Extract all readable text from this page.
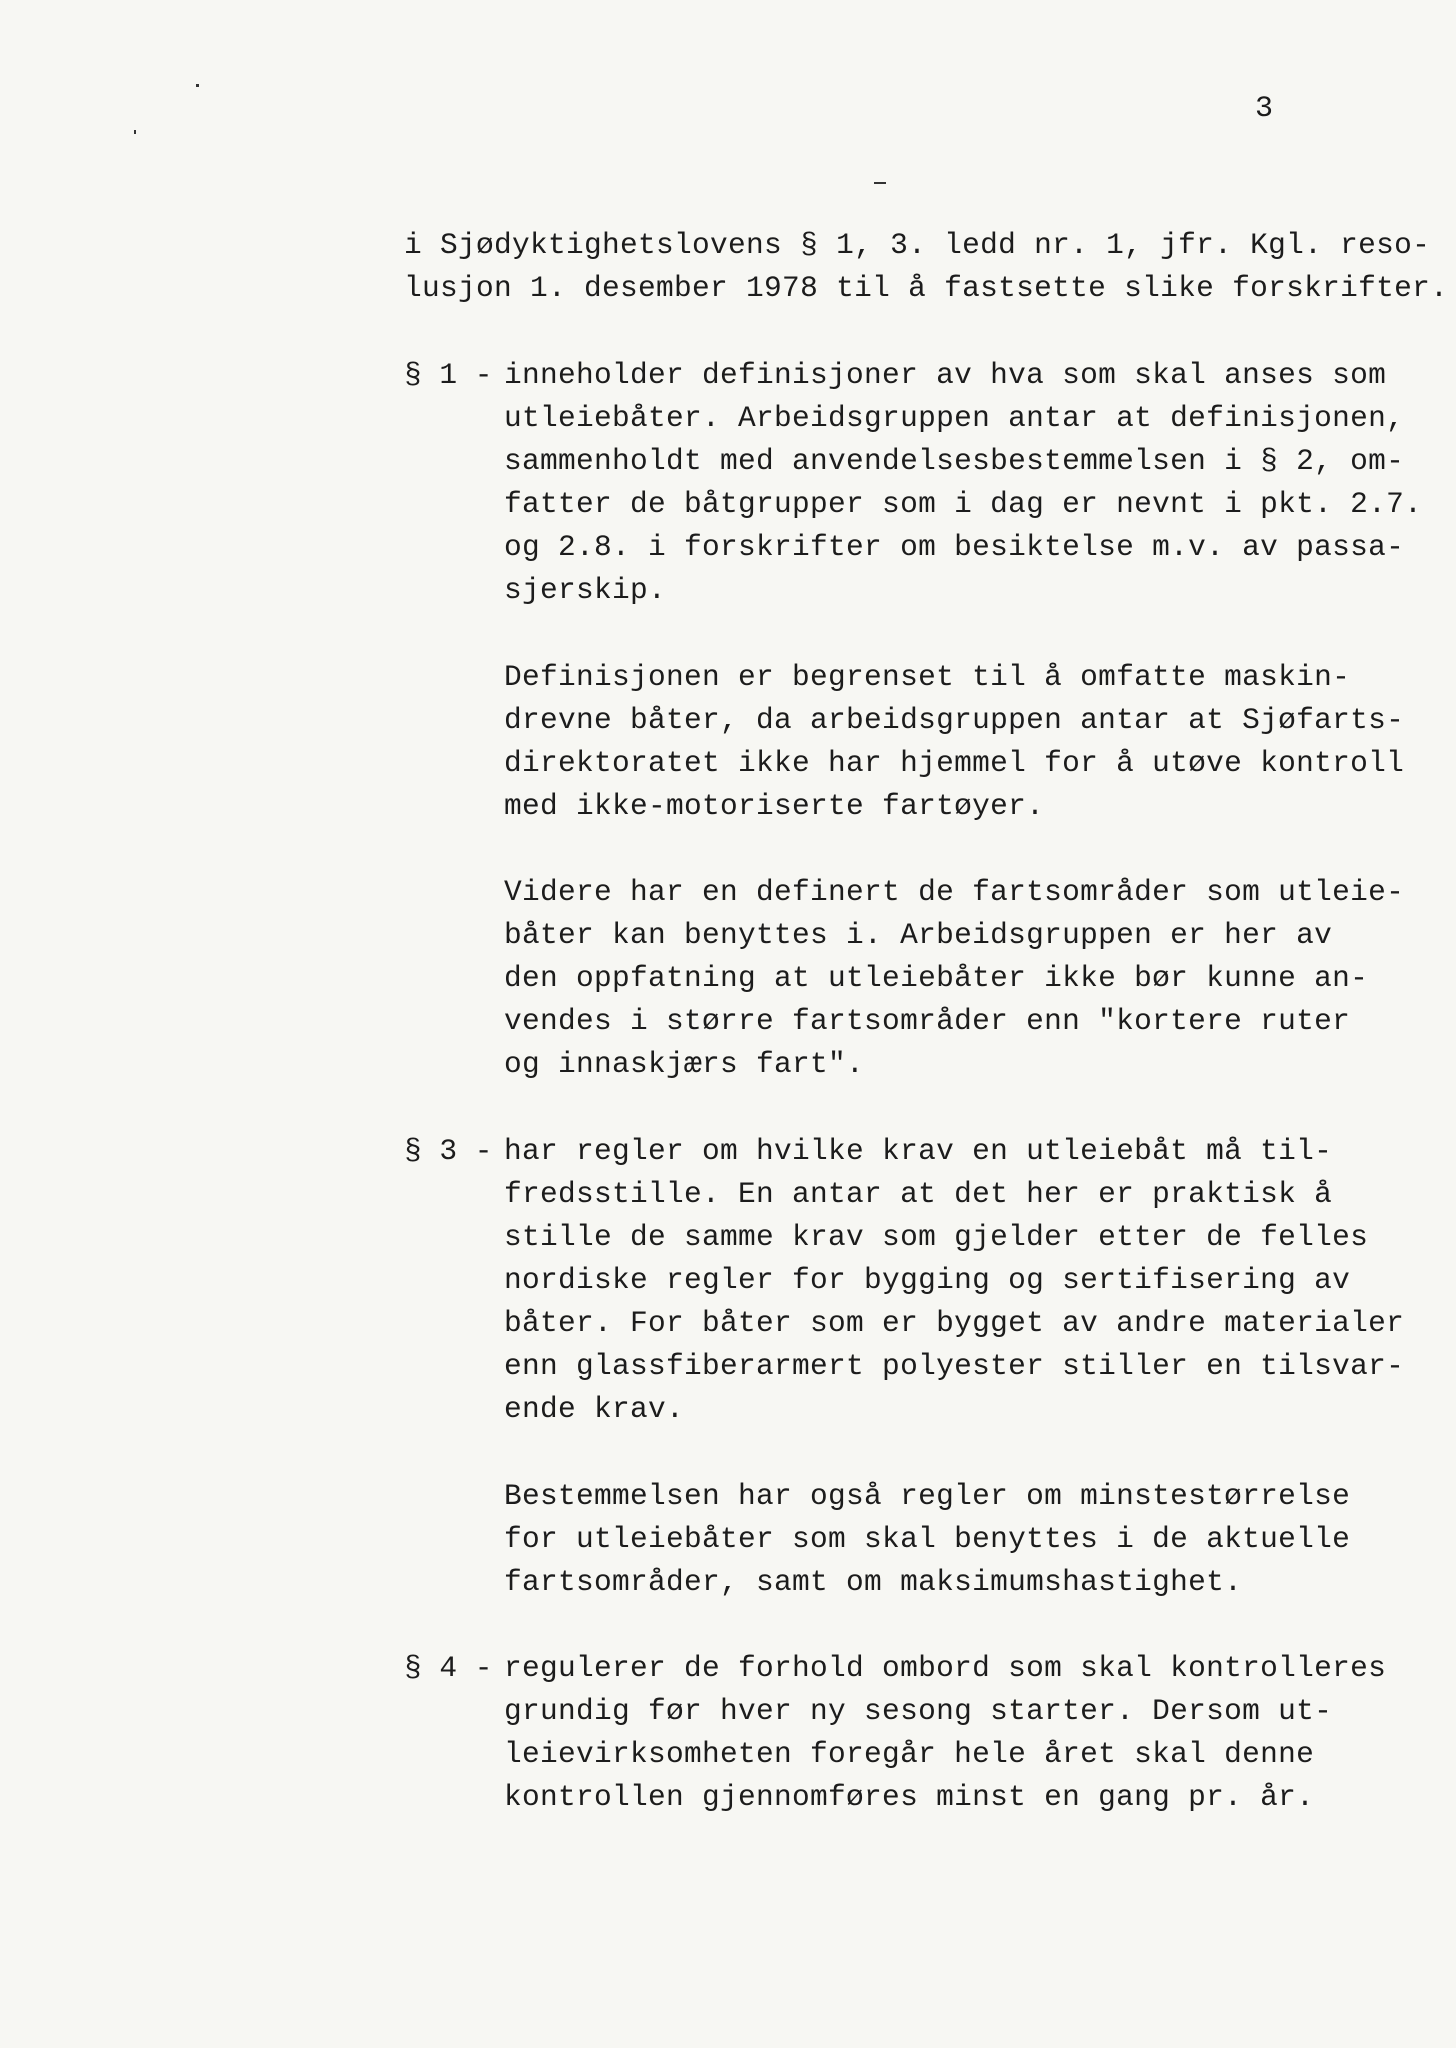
3
i Sjødyktighetslovens § 1, 3. ledd nr. 1, jfr. Kgl. reso-
lusjon 1. desember 1978 til å fastsette slike forskrifter.
§ 1 - inneholder definisjoner av hva som skal anses som
utleiebåter. Arbeidsgruppen antar at definisjonen,
sammenholdt med anvendelsesbestemmelsen i § 2, om-
fatter de båtgrupper som i dag er nevnt i pkt. 2.7.
og 2.8. i forskrifter om besiktelse m.v. av passa-
sjerskip.
Definisjonen er begrenset til å omfatte maskin-
drevne båter, da arbeidsgruppen antar at Sjøfarts-
direktoratet ikke har hjemmel for å utøve kontroll
med ikke-motoriserte fartøyer.
Videre har en definert de fartsområder som utleie-
båter kan benyttes i. Arbeidsgruppen er her av
den oppfatning at utleiebåter ikke bør kunne an-
vendes i større fartsområder enn "kortere ruter
og innaskjærs fart".
§ 3 - har regler om hvilke krav en utleiebåt må til-
fredsstille. En antar at det her er praktisk å
stille de samme krav som gjelder etter de felles
nordiske regler for bygging og sertifisering av
båter. For båter som er bygget av andre materialer
enn glassfiberarmert polyester stiller en tilsvar-
ende krav.
Bestemmelsen har også regler om minstestørrelse
for utleiebåter som skal benyttes i de aktuelle
fartsområder, samt om maksimumshastighet.
§ 4 - regulerer de forhold ombord som skal kontrolleres
grundig før hver ny sesong starter. Dersom ut-
leievirksomheten foregår hele året skal denne
kontrollen gjennomføres minst en gang pr. år.
